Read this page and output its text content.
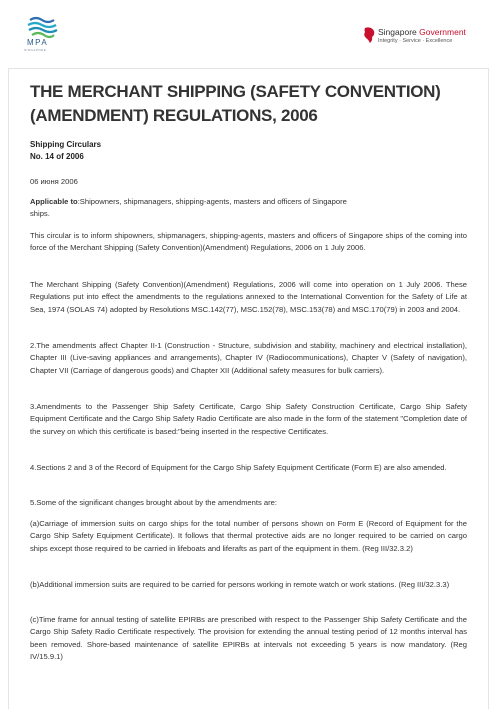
MPA
SINGAPORE
Singapore Government
Integrity · Service · Excellence
THE MERCHANT SHIPPING (SAFETY CONVENTION) (AMENDMENT) REGULATIONS, 2006
Shipping Circulars
No. 14 of 2006
06 июня 2006
Applicable to:Shipowners, shipmanagers, shipping-agents, masters and officers of Singapore ships.
This circular is to inform shipowners, shipmanagers, shipping-agents, masters and officers of Singapore ships of the coming into force of the Merchant Shipping (Safety Convention)(Amendment) Regulations, 2006 on 1 July 2006.
The Merchant Shipping (Safety Convention)(Amendment) Regulations, 2006 will come into operation on 1 July 2006. These Regulations put into effect the amendments to the regulations annexed to the International Convention for the Safety of Life at Sea, 1974 (SOLAS 74) adopted by Resolutions MSC.142(77), MSC.152(78), MSC.153(78) and MSC.170(79) in 2003 and 2004.
2.The amendments affect Chapter II-1 (Construction - Structure, subdivision and stability, machinery and electrical installation), Chapter III (Live-saving appliances and arrangements), Chapter IV (Radiocommunications), Chapter V (Safety of navigation), Chapter VII (Carriage of dangerous goods) and Chapter XII (Additional safety measures for bulk carriers).
3.Amendments to the Passenger Ship Safety Certificate, Cargo Ship Safety Construction Certificate, Cargo Ship Safety Equipment Certificate and the Cargo Ship Safety Radio Certificate are also made in the form of the statement "Completion date of the survey on which this certificate is based:"being inserted in the respective Certificates.
4.Sections 2 and 3 of the Record of Equipment for the Cargo Ship Safety Equipment Certificate (Form E) are also amended.
5.Some of the significant changes brought about by the amendments are:
(a)Carriage of immersion suits on cargo ships for the total number of persons shown on Form E (Record of Equipment for the Cargo Ship Safety Equipment Certificate). It follows that thermal protective aids are no longer required to be carried on cargo ships except those required to be carried in lifeboats and liferafts as part of the equipment in them. (Reg III/32.3.2)
(b)Additional immersion suits are required to be carried for persons working in remote watch or work stations. (Reg III/32.3.3)
(c)Time frame for annual testing of satellite EPIRBs are prescribed with respect to the Passenger Ship Safety Certificate and the Cargo Ship Safety Radio Certificate respectively. The provision for extending the annual testing period of 12 months interval has been removed. Shore-based maintenance of satellite EPIRBs at intervals not exceeding 5 years is now mandatory. (Reg IV/15.9.1)
